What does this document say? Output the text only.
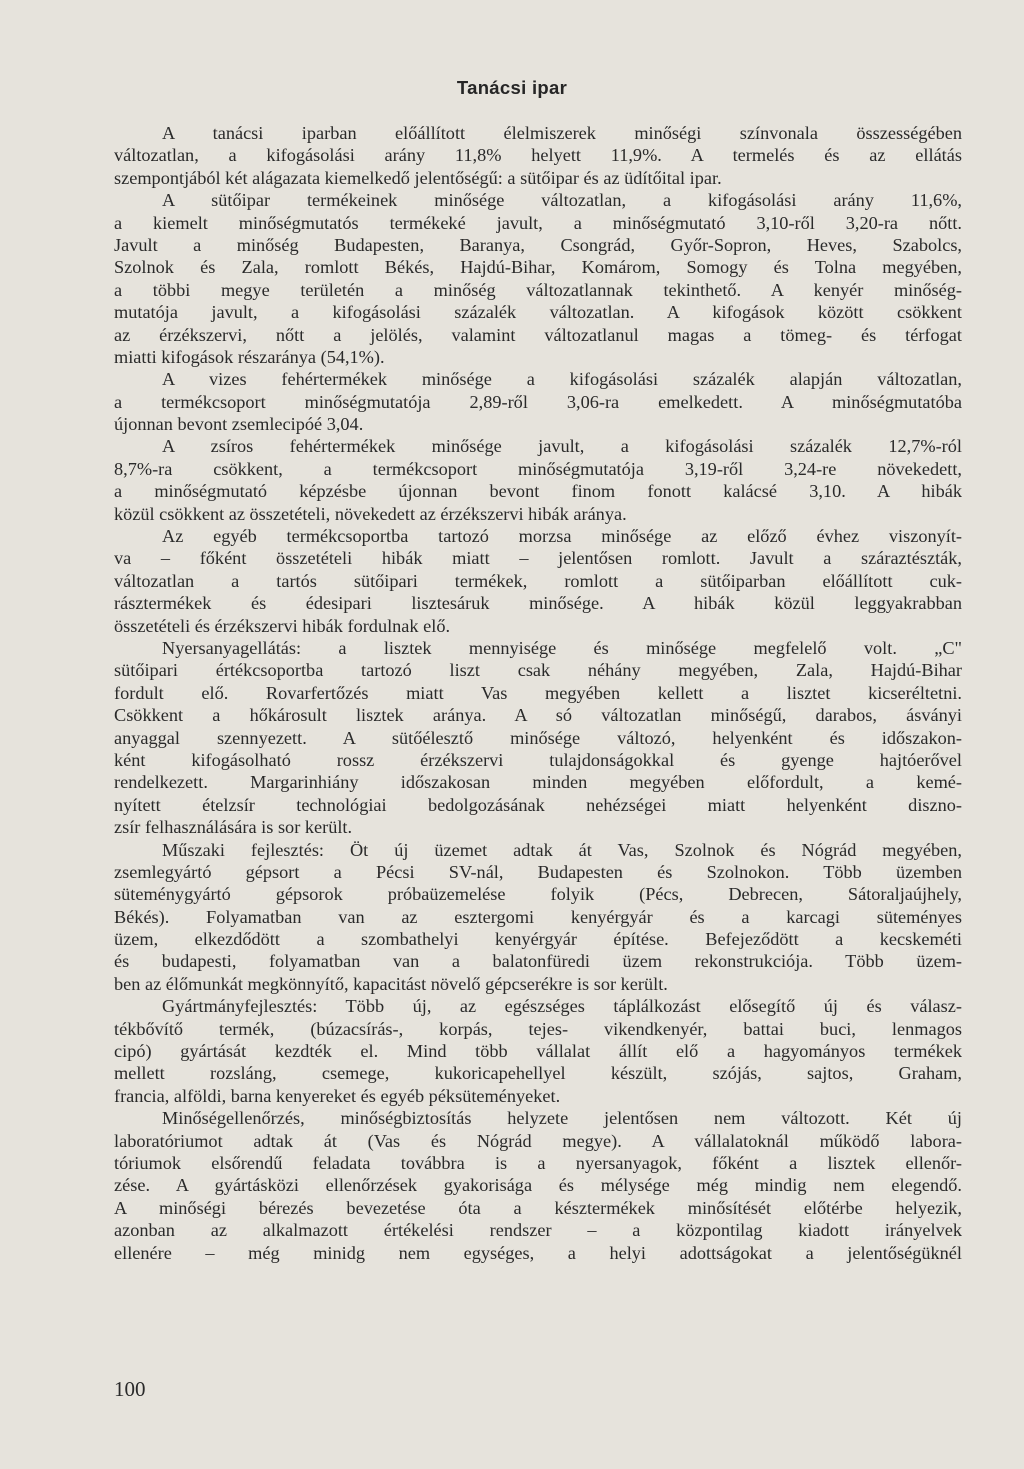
Tanácsi ipar
A tanácsi iparban előállított élelmiszerek minőségi színvonala összességében
változatlan, a kifogásolási arány 11,8% helyett 11,9%. A termelés és az ellátás
szempontjából két alágazata kiemelkedő jelentőségű: a sütőipar és az üdítőital ipar.
A sütőipar termékeinek minősége változatlan, a kifogásolási arány 11,6%,
a kiemelt minőségmutatós termékeké javult, a minőségmutató 3,10-ről 3,20-ra nőtt.
Javult a minőség Budapesten, Baranya, Csongrád, Győr-Sopron, Heves, Szabolcs,
Szolnok és Zala, romlott Békés, Hajdú-Bihar, Komárom, Somogy és Tolna megyében,
a többi megye területén a minőség változatlannak tekinthető. A kenyér minőség-
mutatója javult, a kifogásolási százalék változatlan. A kifogások között csökkent
az érzékszervi, nőtt a jelölés, valamint változatlanul magas a tömeg- és térfogat
miatti kifogások részaránya (54,1%).
A vizes fehértermékek minősége a kifogásolási százalék alapján változatlan,
a termékcsoport minőségmutatója 2,89-ről 3,06-ra emelkedett. A minőségmutatóba
újonnan bevont zsemlecipóé 3,04.
A zsíros fehértermékek minősége javult, a kifogásolási százalék 12,7%-ról
8,7%-ra csökkent, a termékcsoport minőségmutatója 3,19-ről 3,24-re növekedett,
a minőségmutató képzésbe újonnan bevont finom fonott kalácsé 3,10. A hibák
közül csökkent az összetételi, növekedett az érzékszervi hibák aránya.
Az egyéb termékcsoportba tartozó morzsa minősége az előző évhez viszonyít-
va – főként összetételi hibák miatt – jelentősen romlott. Javult a száraztészták,
változatlan a tartós sütőipari termékek, romlott a sütőiparban előállított cuk-
rásztermékek és édesipari lisztesáruk minősége. A hibák közül leggyakrabban
összetételi és érzékszervi hibák fordulnak elő.
Nyersanyagellátás: a lisztek mennyisége és minősége megfelelő volt. „C"
sütőipari értékcsoportba tartozó liszt csak néhány megyében, Zala, Hajdú-Bihar
fordult elő. Rovarfertőzés miatt Vas megyében kellett a lisztet kicseréltetni.
Csökkent a hőkárosult lisztek aránya. A só változatlan minőségű, darabos, ásványi
anyaggal szennyezett. A sütőélesztő minősége változó, helyenként és időszakon-
ként kifogásolható rossz érzékszervi tulajdonságokkal és gyenge hajtóerővel
rendelkezett. Margarinhiány időszakosan minden megyében előfordult, a kemé-
nyített ételzsír technológiai bedolgozásának nehézségei miatt helyenként diszno-
zsír felhasználására is sor került.
Műszaki fejlesztés: Öt új üzemet adtak át Vas, Szolnok és Nógrád megyében,
zsemlegyártó gépsort a Pécsi SV-nál, Budapesten és Szolnokon. Több üzemben
süteménygyártó gépsorok próbaüzemelése folyik (Pécs, Debrecen, Sátoraljaújhely,
Békés). Folyamatban van az esztergomi kenyérgyár és a karcagi süteményes
üzem, elkezdődött a szombathelyi kenyérgyár építése. Befejeződött a kecskeméti
és budapesti, folyamatban van a balatonfüredi üzem rekonstrukciója. Több üzem-
ben az élőmunkát megkönnyítő, kapacitást növelő gépcserékre is sor került.
Gyártmányfejlesztés: Több új, az egészséges táplálkozást elősegítő új és válasz-
tékbővítő termék, (búzacsírás-, korpás, tejes- vikendkenyér, battai buci, lenmagos
cipó) gyártását kezdték el. Mind több vállalat állít elő a hagyományos termékek
mellett rozsláng, csemege, kukoricapehellyel készült, szójás, sajtos, Graham,
francia, alföldi, barna kenyereket és egyéb péksüteményeket.
Minőségellenőrzés, minőségbiztosítás helyzete jelentősen nem változott. Két új
laboratóriumot adtak át (Vas és Nógrád megye). A vállalatoknál működő labora-
tóriumok elsőrendű feladata továbbra is a nyersanyagok, főként a lisztek ellenőr-
zése. A gyártásközi ellenőrzések gyakorisága és mélysége még mindig nem elegendő.
A minőségi bérezés bevezetése óta a késztermékek minősítését előtérbe helyezik,
azonban az alkalmazott értékelési rendszer – a központilag kiadott irányelvek
ellenére – még minidg nem egységes, a helyi adottságokat a jelentőségüknél
100
